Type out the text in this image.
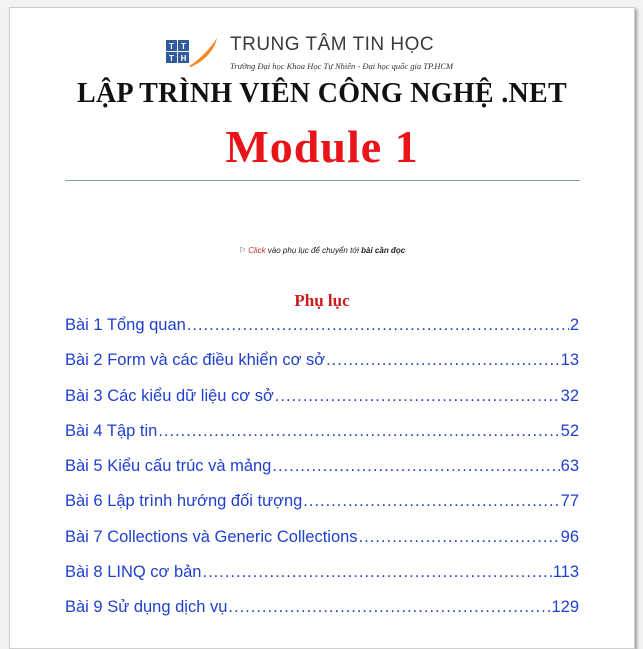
T T
T H
TRUNG TÂM TIN HỌC
Trường Đại học Khoa Học Tự Nhiên - Đại học quốc gia TP.HCM
LẬP TRÌNH VIÊN CÔNG NGHỆ .NET
Module 1
⚐ Click vào phụ lục để chuyển tới bài cần đọc
Phụ lục
Bài 1 Tổng quan .....	2
Bài 2 Form và các điều khiển cơ sở .....	13
Bài 3 Các kiểu dữ liệu cơ sở .....	32
Bài 4 Tập tin .....	52
Bài 5 Kiểu cấu trúc và mảng .....	63
Bài 6 Lập trình hướng đối tượng .....	77
Bài 7 Collections và Generic Collections .....	96
Bài 8 LINQ cơ bản .....	113
Bài 9 Sử dụng dịch vụ .....	129
